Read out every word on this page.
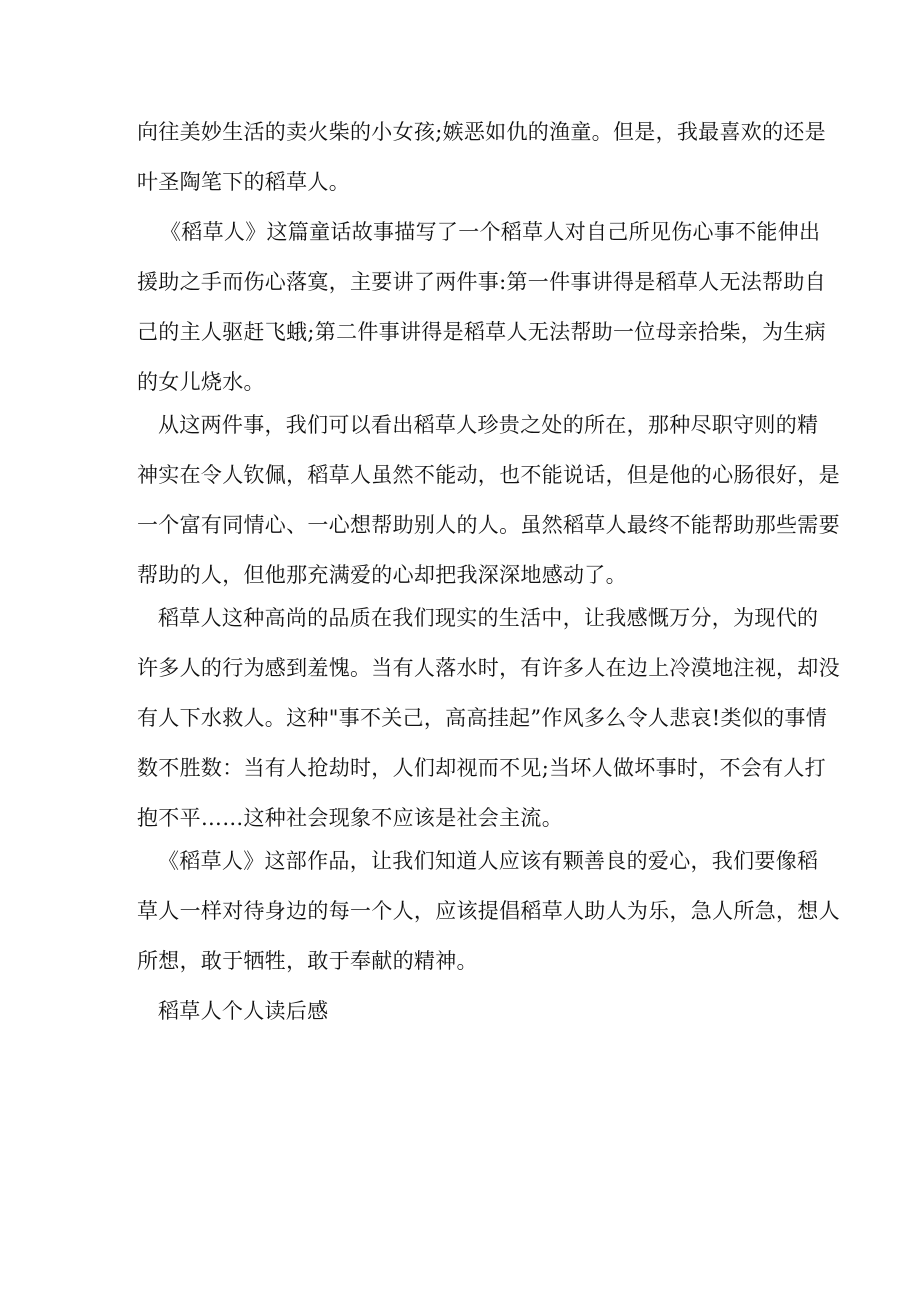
向往美妙生活的卖火柴的小女孩;嫉恶如仇的渔童。但是，我最喜欢的还是
叶圣陶笔下的稻草人。
《稻草人》这篇童话故事描写了一个稻草人对自己所见伤心事不能伸出
援助之手而伤心落寞，主要讲了两件事:第一件事讲得是稻草人无法帮助自
己的主人驱赶飞蛾;第二件事讲得是稻草人无法帮助一位母亲拾柴，为生病
的女儿烧水。
从这两件事，我们可以看出稻草人珍贵之处的所在，那种尽职守则的精
神实在令人钦佩，稻草人虽然不能动，也不能说话，但是他的心肠很好，是
一个富有同情心、一心想帮助别人的人。虽然稻草人最终不能帮助那些需要
帮助的人，但他那充满爱的心却把我深深地感动了。
稻草人这种高尚的品质在我们现实的生活中，让我感慨万分，为现代的
许多人的行为感到羞愧。当有人落水时，有许多人在边上冷漠地注视，却没
有人下水救人。这种"事不关己，高高挂起”作风多么令人悲哀!类似的事情
数不胜数：当有人抢劫时，人们却视而不见;当坏人做坏事时，不会有人打
抱不平……这种社会现象不应该是社会主流。
《稻草人》这部作品，让我们知道人应该有颗善良的爱心，我们要像稻
草人一样对待身边的每一个人，应该提倡稻草人助人为乐，急人所急，想人
所想，敢于牺牲，敢于奉献的精神。
稻草人个人读后感
